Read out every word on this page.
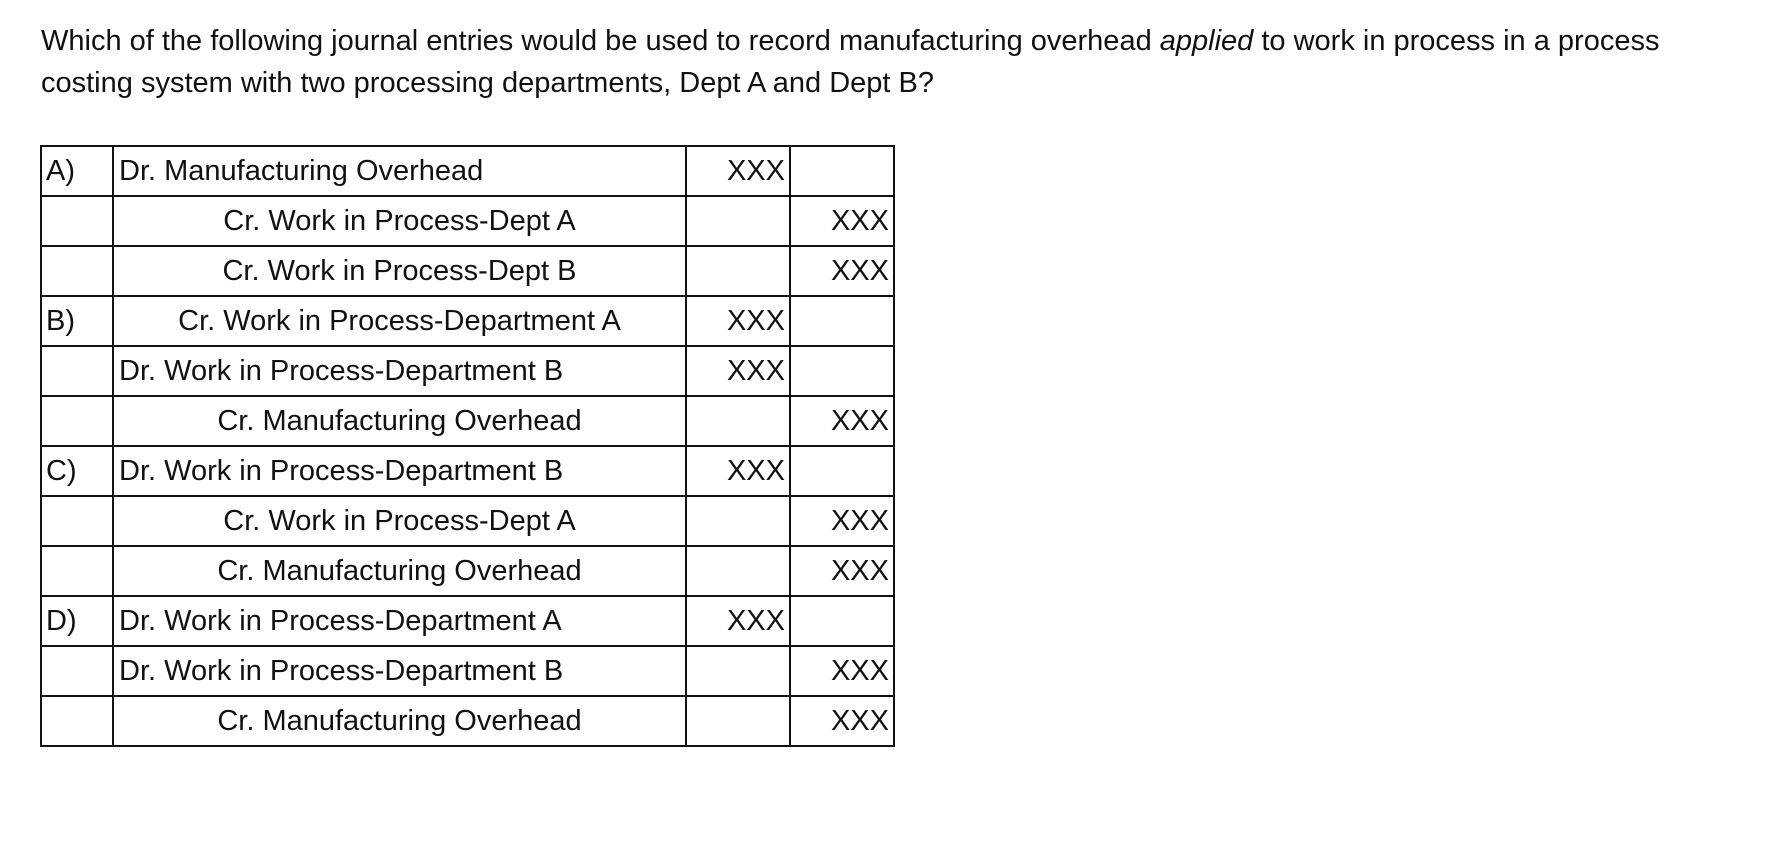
Which of the following journal entries would be used to record manufacturing overhead applied to work in process in a process costing system with two processing departments, Dept A and Dept B?

A)	Dr. Manufacturing Overhead	XXX	
	Cr. Work in Process-Dept A		XXX
	Cr. Work in Process-Dept B		XXX
B)	Cr. Work in Process-Department A	XXX	
	Dr. Work in Process-Department B	XXX	
	Cr. Manufacturing Overhead		XXX
C)	Dr. Work in Process-Department B	XXX	
	Cr. Work in Process-Dept A		XXX
	Cr. Manufacturing Overhead		XXX
D)	Dr. Work in Process-Department A	XXX	
	Dr. Work in Process-Department B		XXX
	Cr. Manufacturing Overhead		XXX
